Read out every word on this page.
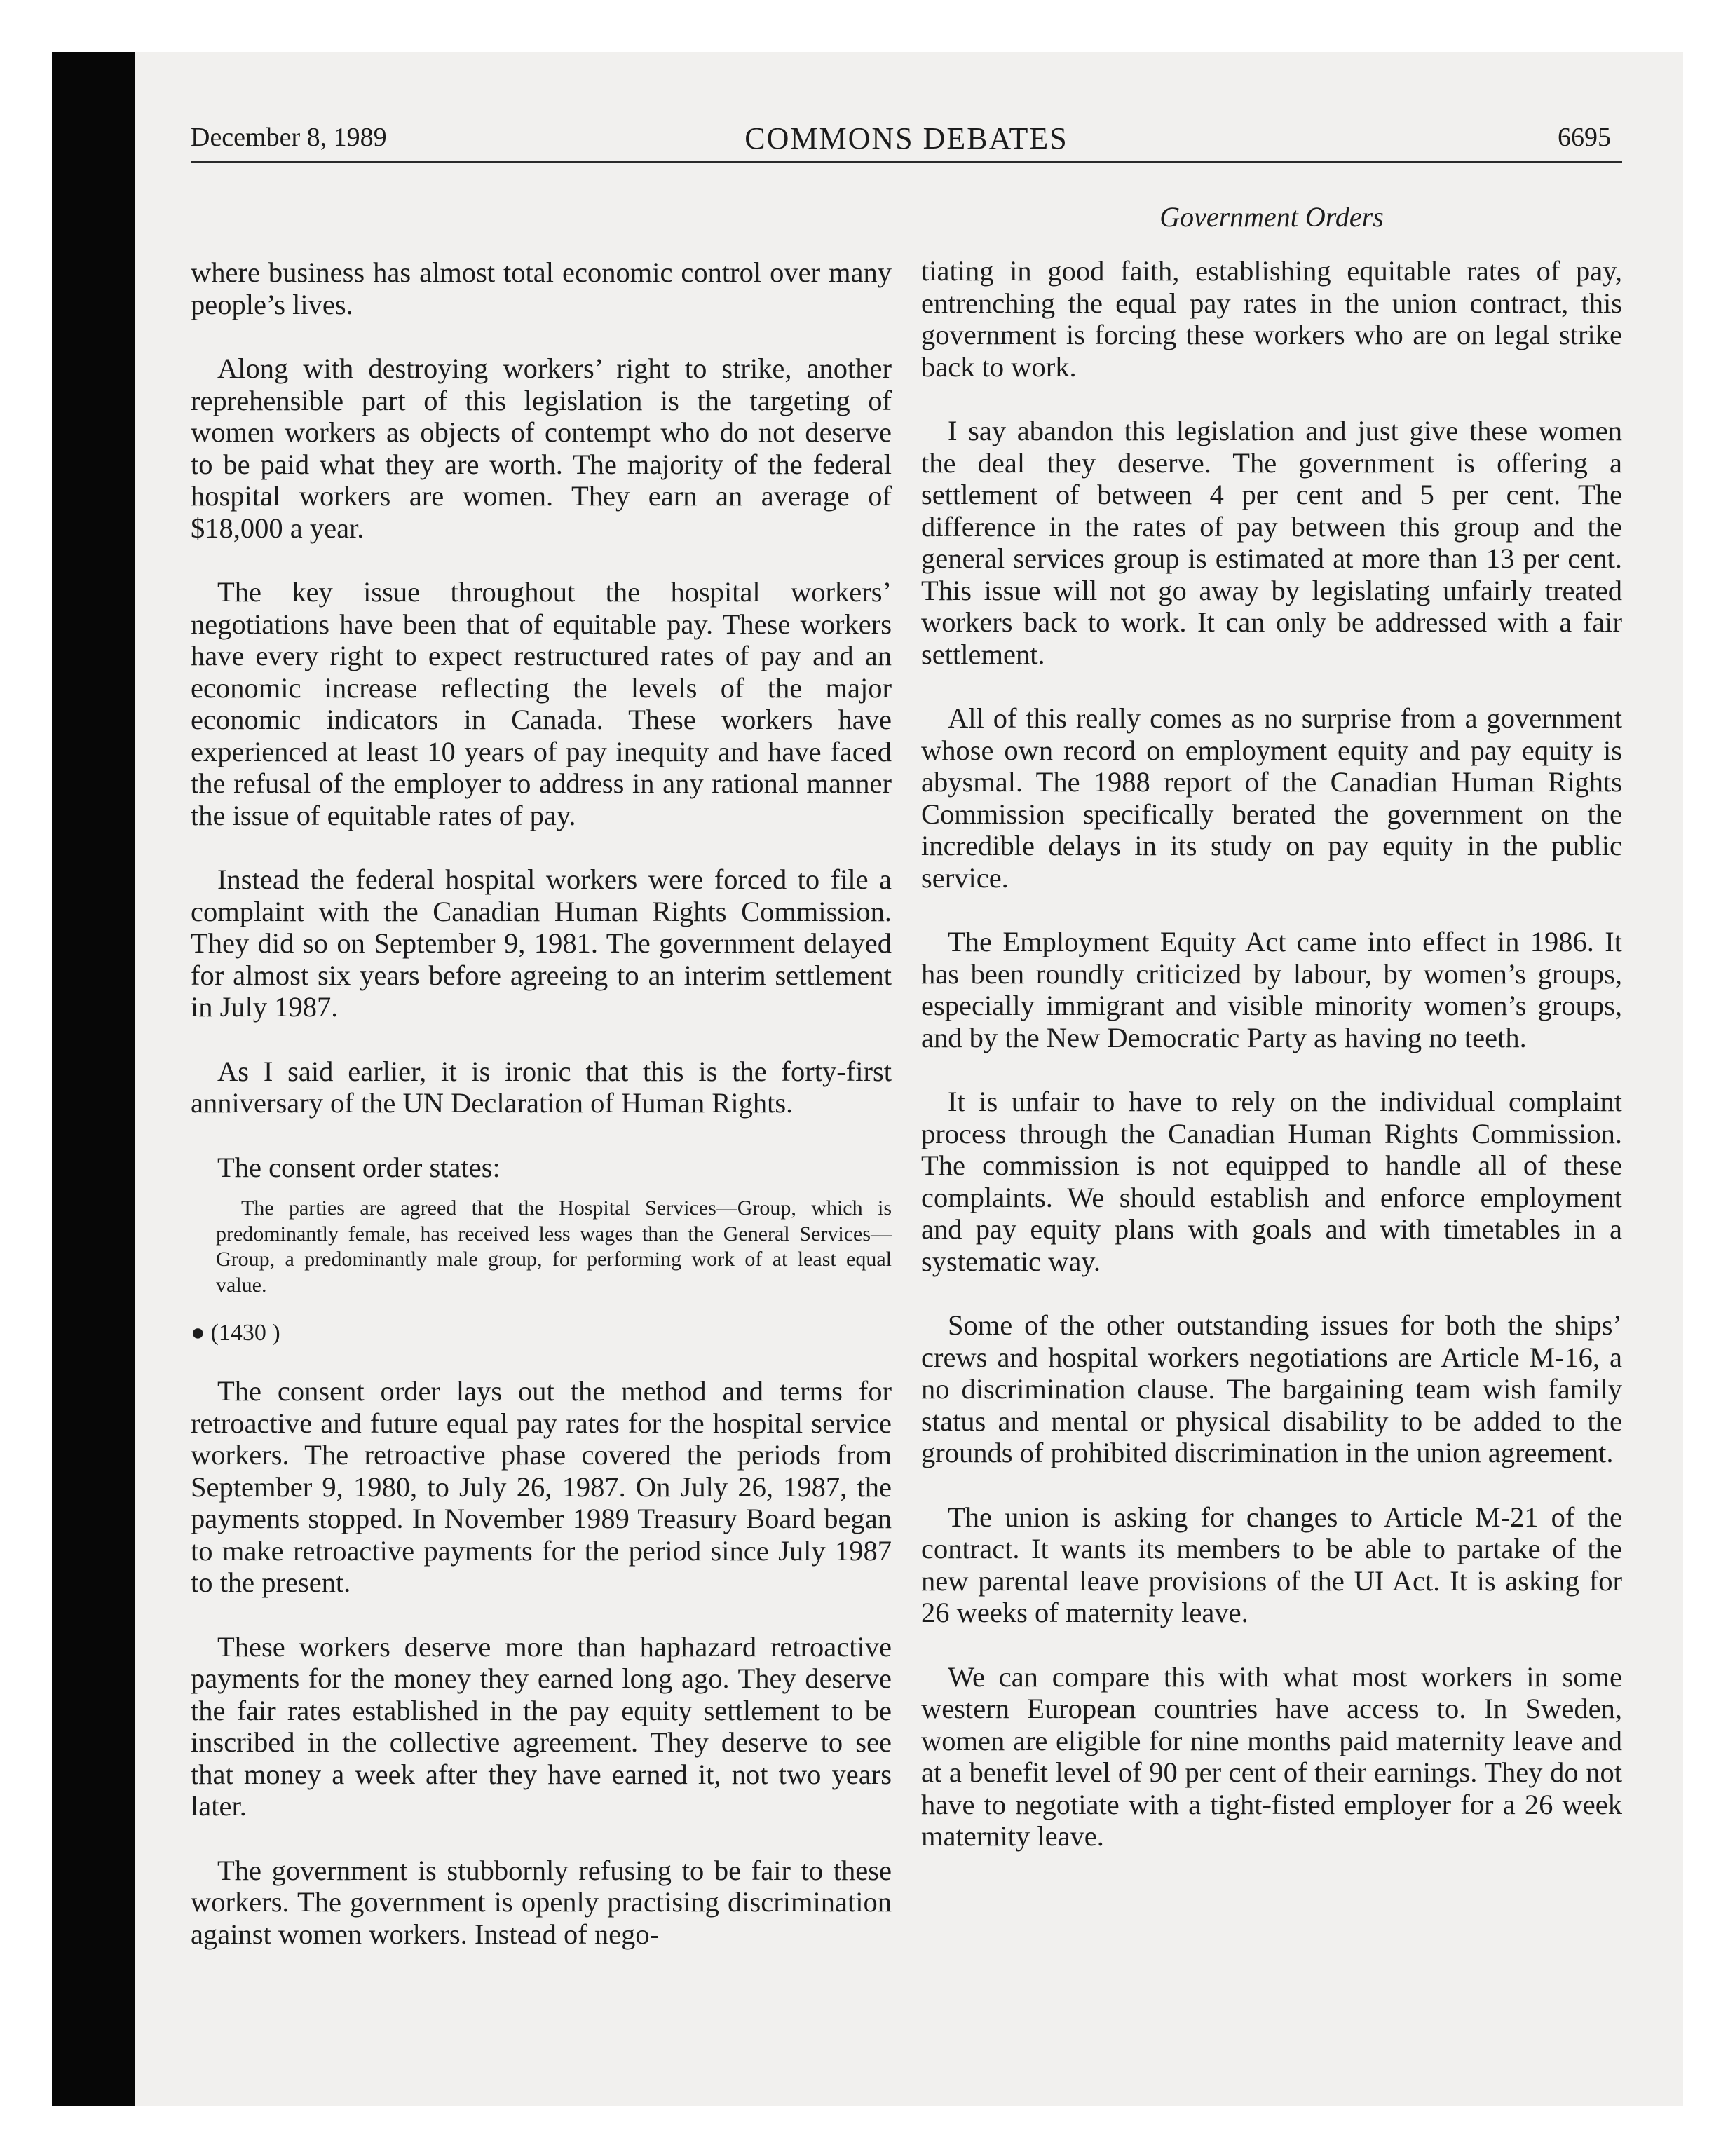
December 8, 1989	COMMONS DEBATES	6695
Government Orders

where business has almost total economic control over many people’s lives.

Along with destroying workers’ right to strike, another reprehensible part of this legislation is the targeting of women workers as objects of contempt who do not deserve to be paid what they are worth. The majority of the federal hospital workers are women. They earn an average of $18,000 a year.

The key issue throughout the hospital workers’ negotiations have been that of equitable pay. These workers have every right to expect restructured rates of pay and an economic increase reflecting the levels of the major economic indicators in Canada. These workers have experienced at least 10 years of pay inequity and have faced the refusal of the employer to address in any rational manner the issue of equitable rates of pay.

Instead the federal hospital workers were forced to file a complaint with the Canadian Human Rights Commission. They did so on September 9, 1981. The government delayed for almost six years before agreeing to an interim settlement in July 1987.

As I said earlier, it is ironic that this is the forty-first anniversary of the UN Declaration of Human Rights.

The consent order states:

The parties are agreed that the Hospital Services—Group, which is predominantly female, has received less wages than the General Services—Group, a predominantly male group, for performing work of at least equal value.
● (1430 )

The consent order lays out the method and terms for retroactive and future equal pay rates for the hospital service workers. The retroactive phase covered the periods from September 9, 1980, to July 26, 1987. On July 26, 1987, the payments stopped. In November 1989 Treasury Board began to make retroactive payments for the period since July 1987 to the present.

These workers deserve more than haphazard retroactive payments for the money they earned long ago. They deserve the fair rates established in the pay equity settlement to be inscribed in the collective agreement. They deserve to see that money a week after they have earned it, not two years later.

The government is stubbornly refusing to be fair to these workers. The government is openly practising discrimination against women workers. Instead of nego-

tiating in good faith, establishing equitable rates of pay, entrenching the equal pay rates in the union contract, this government is forcing these workers who are on legal strike back to work.

I say abandon this legislation and just give these women the deal they deserve. The government is offering a settlement of between 4 per cent and 5 per cent. The difference in the rates of pay between this group and the general services group is estimated at more than 13 per cent. This issue will not go away by legislating unfairly treated workers back to work. It can only be addressed with a fair settlement.

All of this really comes as no surprise from a government whose own record on employment equity and pay equity is abysmal. The 1988 report of the Canadian Human Rights Commission specifically berated the government on the incredible delays in its study on pay equity in the public service.

The Employment Equity Act came into effect in 1986. It has been roundly criticized by labour, by women’s groups, especially immigrant and visible minority women’s groups, and by the New Democratic Party as having no teeth.

It is unfair to have to rely on the individual complaint process through the Canadian Human Rights Commission. The commission is not equipped to handle all of these complaints. We should establish and enforce employment and pay equity plans with goals and with timetables in a systematic way.

Some of the other outstanding issues for both the ships’ crews and hospital workers negotiations are Article M-16, a no discrimination clause. The bargaining team wish family status and mental or physical disability to be added to the grounds of prohibited discrimination in the union agreement.

The union is asking for changes to Article M-21 of the contract. It wants its members to be able to partake of the new parental leave provisions of the UI Act. It is asking for 26 weeks of maternity leave.

We can compare this with what most workers in some western European countries have access to. In Sweden, women are eligible for nine months paid maternity leave and at a benefit level of 90 per cent of their earnings. They do not have to negotiate with a tight-fisted employer for a 26 week maternity leave.
